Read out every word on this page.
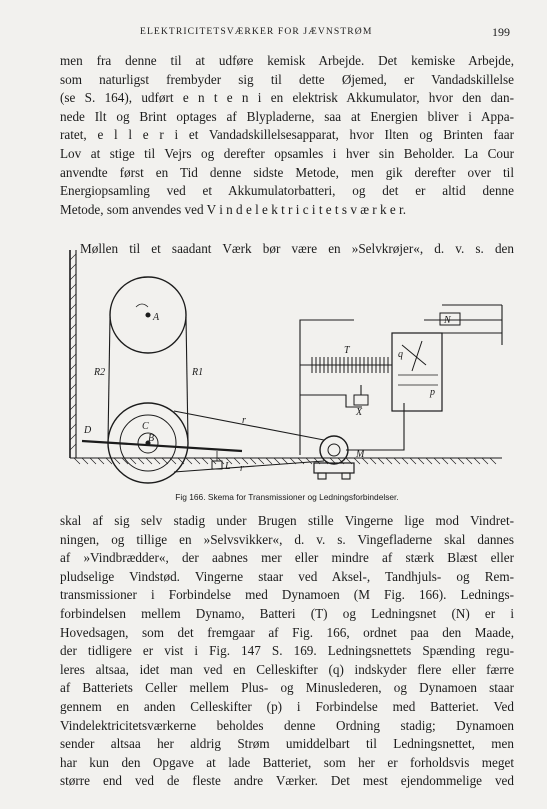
ELEKTRICITETSVÆRKER FOR JÆVNSTRØM	199
men fra denne til at udføre kemisk Arbejde. Det kemiske Arbejde,
som naturligst frembyder sig til dette Øjemed, er Vandadskillelse
(se S. 164), udført e n t e n i en elektrisk Akkumulator, hvor den dan-
nede Ilt og Brint optages af Blypladerne, saa at Energien bliver i Appa-
ratet, e l l e r i et Vandadskillelsesapparat, hvor Ilten og Brinten faar
Lov at stige til Vejrs og derefter opsamles i hver sin Beholder. La Cour
anvendte først en Tid denne sidste Metode, men gik derefter over til
Energiopsamling ved et Akkumulatorbatteri, og det er altid denne
Metode, som anvendes ved V i n d e l e k t r i c i t e t s v æ r k e r.
Møllen til et saadant Værk bør være en »Selvkrøjer«, d. v. s. den
A
R2	R1
r
r
C
B
D
L
M
T
X
N
q
p
Fig 166. Skema for Transmissioner og Ledningsforbindelser.
skal af sig selv stadig under Brugen stille Vingerne lige mod Vindret-
ningen, og tillige en »Selvsvikker«, d. v. s. Vingefladerne skal dannes
af »Vindbrædder«, der aabnes mer eller mindre af stærk Blæst eller
pludselige Vindstød. Vingerne staar ved Aksel-, Tandhjuls- og Rem-
transmissioner i Forbindelse med Dynamoen (M Fig. 166). Lednings-
forbindelsen mellem Dynamo, Batteri (T) og Ledningsnet (N) er i
Hovedsagen, som det fremgaar af Fig. 166, ordnet paa den Maade,
der tidligere er vist i Fig. 147 S. 169. Ledningsnettets Spænding regu-
leres altsaa, idet man ved en Celleskifter (q) indskyder flere eller færre
af Batteriets Celler mellem Plus- og Minuslederen, og Dynamoen staar
gennem en anden Celleskifter (p) i Forbindelse med Batteriet. Ved
Vindelektricitetsværkerne beholdes denne Ordning stadig; Dynamoen
sender altsaa her aldrig Strøm umiddelbart til Ledningsnettet, men
har kun den Opgave at lade Batteriet, som her er forholdsvis meget
større end ved de fleste andre Værker. Det mest ejendommelige ved
